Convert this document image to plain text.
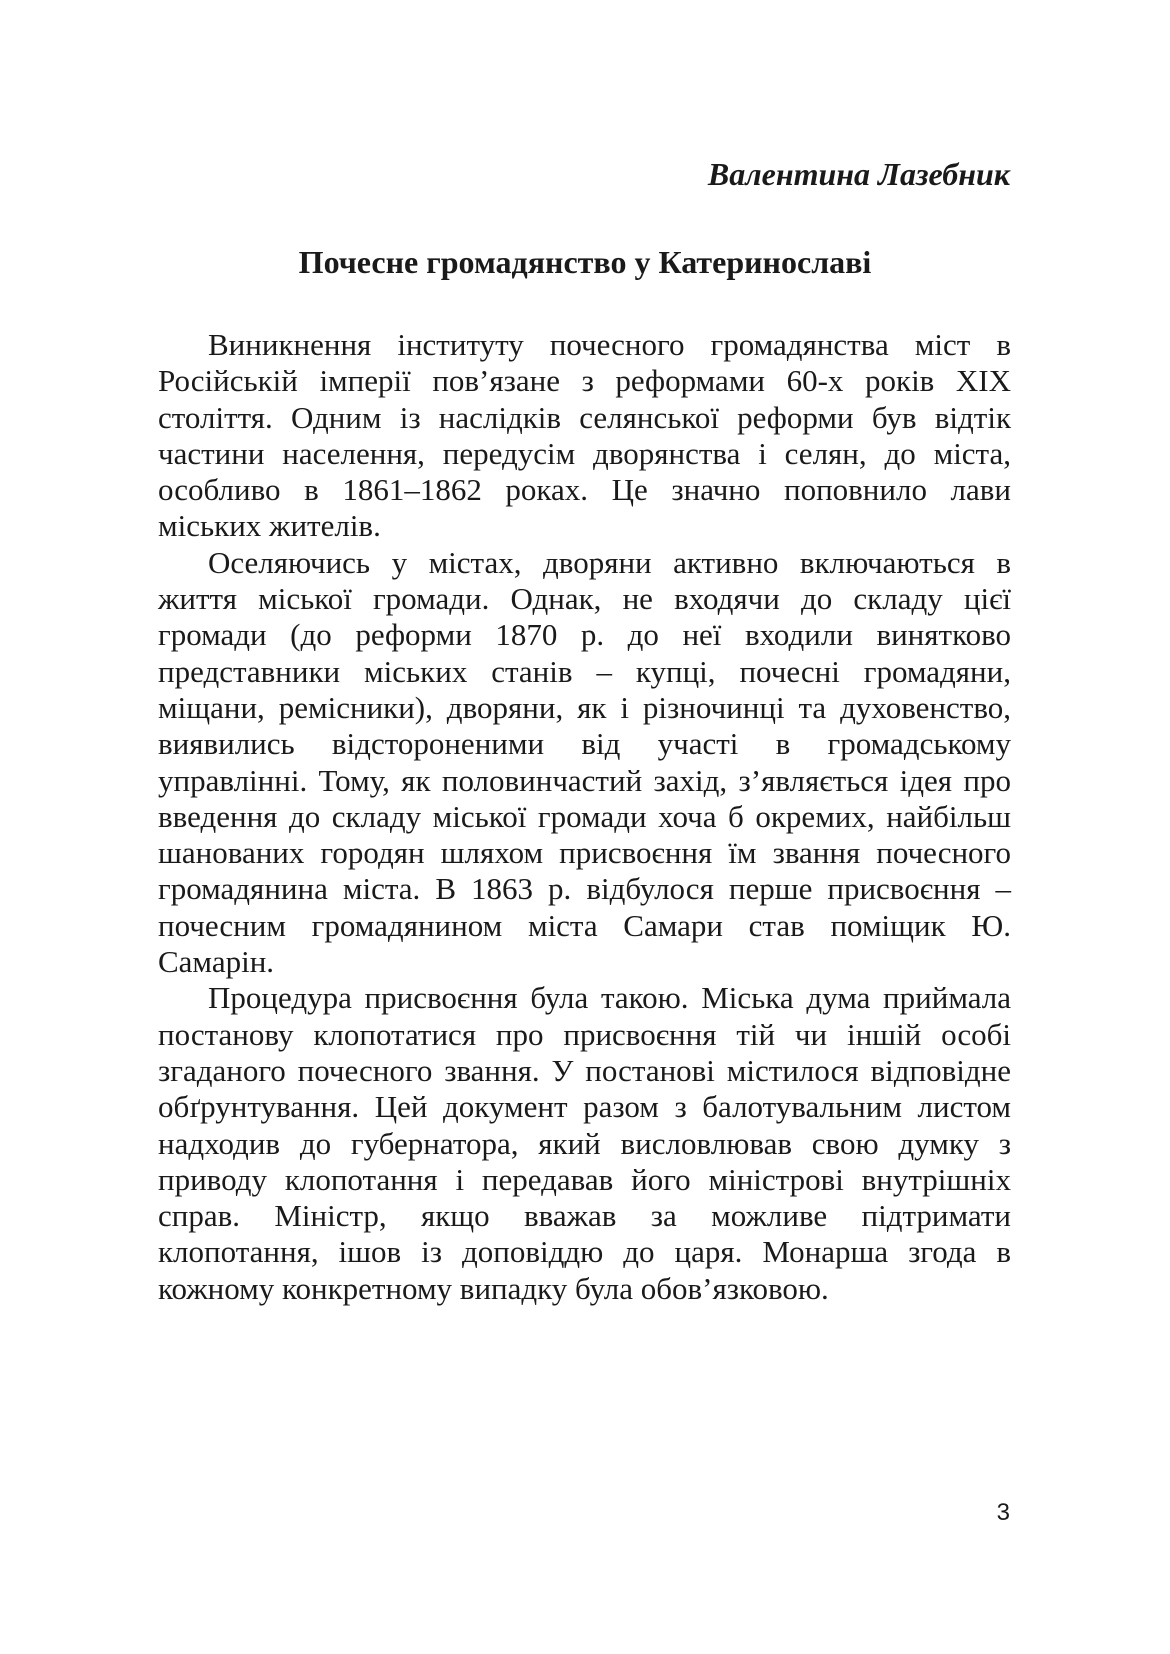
Валентина Лазебник

Почесне громадянство у Катеринославі

Виникнення інституту почесного громадянства міст в Російській імперії пов’язане з реформами 60-х років ХІХ століття. Одним із наслідків селянської реформи був відтік частини населення, передусім дворянства і селян, до міста, особливо в 1861–1862 роках. Це значно поповнило лави міських жителів.

Оселяючись у містах, дворяни активно включаються в життя міської громади. Однак, не входячи до складу цієї громади (до реформи 1870 р. до неї входили винятково представники міських станів – купці, почесні громадяни, міщани, ремісники), дворяни, як і різночинці та духовенство, виявились відстороненими від участі в громадському управлінні. Тому, як половинчастий захід, з’являється ідея про введення до складу міської громади хоча б окремих, найбільш шанованих городян шляхом присвоєння їм звання почесного громадянина міста. В 1863 р. відбулося перше присвоєння – почесним громадянином міста Самари став поміщик Ю. Самарін.

Процедура присвоєння була такою. Міська дума приймала постанову клопотатися про присвоєння тій чи іншій особі згаданого почесного звання. У постанові містилося відповідне обґрунтування. Цей документ разом з балотувальним листом надходив до губернатора, який висловлював свою думку з приводу клопотання і передавав його міністрові внутрішніх справ. Міністр, якщо вважав за можливе підтримати клопотання, ішов із доповіддю до царя. Монарша згода в кожному конкретному випадку була обов’язковою.

3
